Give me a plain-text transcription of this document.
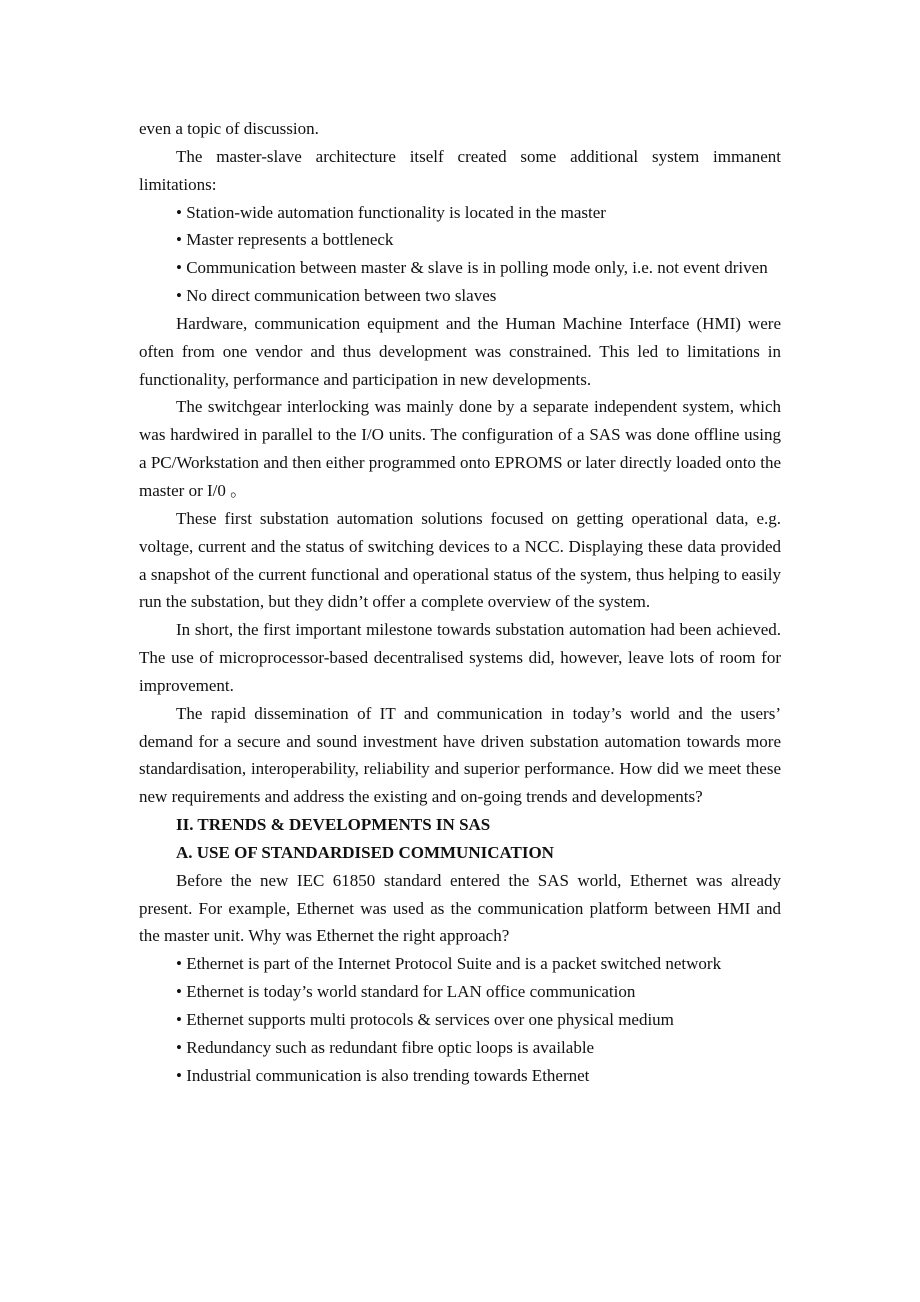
even a topic of discussion.

The master-slave architecture itself created some additional system immanent limitations:

• Station-wide automation functionality is located in the master

• Master represents a bottleneck

• Communication between master & slave is in polling mode only, i.e. not event driven

• No direct communication between two slaves

Hardware, communication equipment and the Human Machine Interface (HMI) were often from one vendor and thus development was constrained. This led to limitations in functionality, performance and participation in new developments.

The switchgear interlocking was mainly done by a separate independent system, which was hardwired in parallel to the I/O units. The configuration of a SAS was done offline using a PC/Workstation and then either programmed onto EPROMS or later directly loaded onto the master or I/0 。

These first substation automation solutions focused on getting operational data, e.g. voltage, current and the status of switching devices to a NCC. Displaying these data provided a snapshot of the current functional and operational status of the system, thus helping to easily run the substation, but they didn’t offer a complete overview of the system.

In short, the first important milestone towards substation automation had been achieved. The use of microprocessor-based decentralised systems did, however, leave lots of room for improvement.

The rapid dissemination of IT and communication in today’s world and the users’ demand for a secure and sound investment have driven substation automation towards more standardisation, interoperability, reliability and superior performance. How did we meet these new requirements and address the existing and on-going trends and developments?

II. TRENDS & DEVELOPMENTS IN SAS

A. USE OF STANDARDISED COMMUNICATION

Before the new IEC 61850 standard entered the SAS world, Ethernet was already present. For example, Ethernet was used as the communication platform between HMI and the master unit. Why was Ethernet the right approach?

• Ethernet is part of the Internet Protocol Suite and is a packet switched network

• Ethernet is today’s world standard for LAN office communication

• Ethernet supports multi protocols & services over one physical medium

• Redundancy such as redundant fibre optic loops is available

• Industrial communication is also trending towards Ethernet
